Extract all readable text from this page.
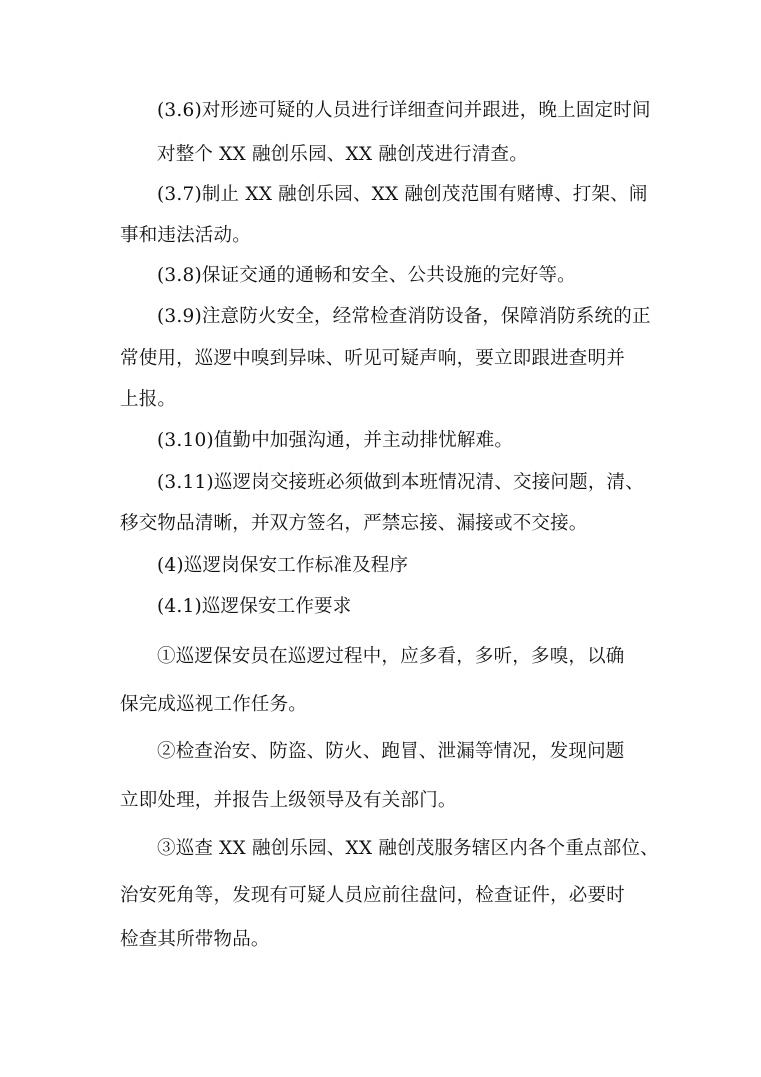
(3.6)对形迹可疑的人员进行详细查问并跟进，晚上固定时间
对整个 XX 融创乐园、XX 融创茂进行清查。
(3.7)制止 XX 融创乐园、XX 融创茂范围有赌博、打架、闹
事和违法活动。
(3.8)保证交通的通畅和安全、公共设施的完好等。
(3.9)注意防火安全，经常检查消防设备，保障消防系统的正
常使用，巡逻中嗅到异味、听见可疑声响，要立即跟进查明并
上报。
(3.10)值勤中加强沟通，并主动排忧解难。
(3.11)巡逻岗交接班必须做到本班情况清、交接问题，清、
移交物品清晰，并双方签名，严禁忘接、漏接或不交接。
(4)巡逻岗保安工作标准及程序
(4.1)巡逻保安工作要求
①巡逻保安员在巡逻过程中，应多看，多听，多嗅，以确
保完成巡视工作任务。
②检查治安、防盗、防火、跑冒、泄漏等情况，发现问题
立即处理，并报告上级领导及有关部门。
③巡查 XX 融创乐园、XX 融创茂服务辖区内各个重点部位、
治安死角等，发现有可疑人员应前往盘问，检查证件，必要时
检查其所带物品。
